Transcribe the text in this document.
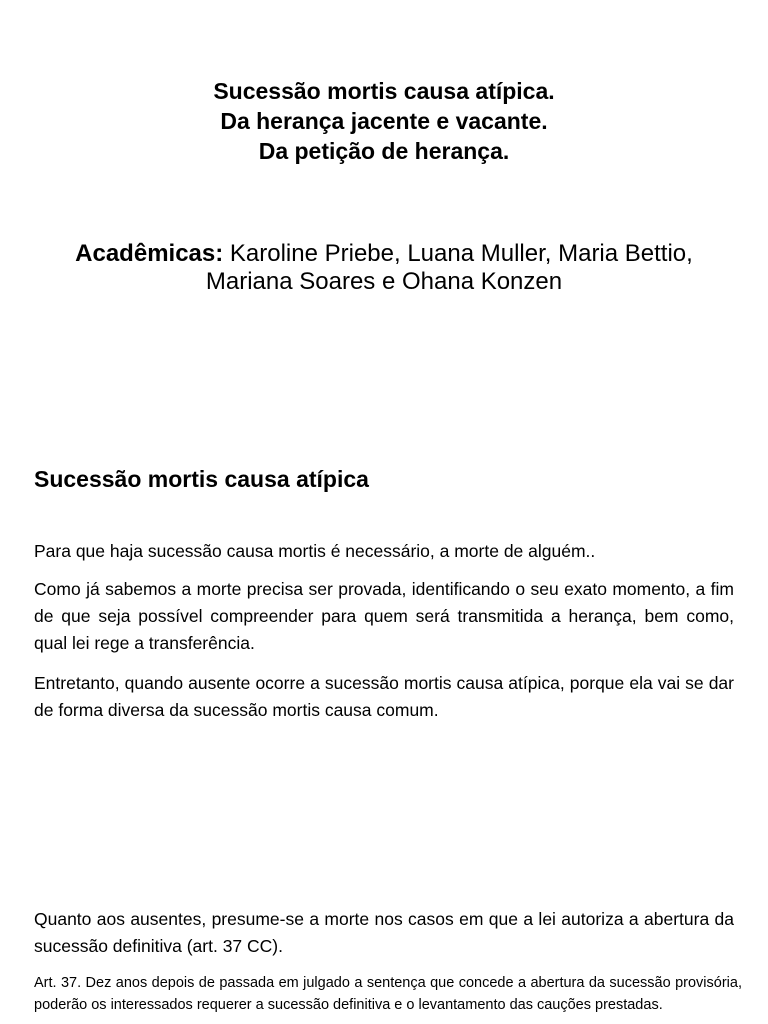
Sucessão mortis causa atípica.
Da herança jacente e vacante.
Da petição de herança.
Acadêmicas: Karoline Priebe, Luana Muller, Maria Bettio,
Mariana Soares e Ohana Konzen
Sucessão mortis causa atípica
Para que haja sucessão causa mortis é necessário, a morte de alguém..
Como já sabemos a morte precisa ser provada, identificando o seu exato momento, a fim de que seja possível compreender para quem será transmitida a herança, bem como, qual lei rege a transferência.
Entretanto, quando ausente ocorre a sucessão mortis causa atípica, porque ela vai se dar de forma diversa da sucessão mortis causa comum.
Quanto aos ausentes, presume-se a morte nos casos em que a lei autoriza a abertura da sucessão definitiva (art. 37 CC).
Art. 37. Dez anos depois de passada em julgado a sentença que concede a abertura da sucessão provisória, poderão os interessados requerer a sucessão definitiva e o levantamento das cauções prestadas.
